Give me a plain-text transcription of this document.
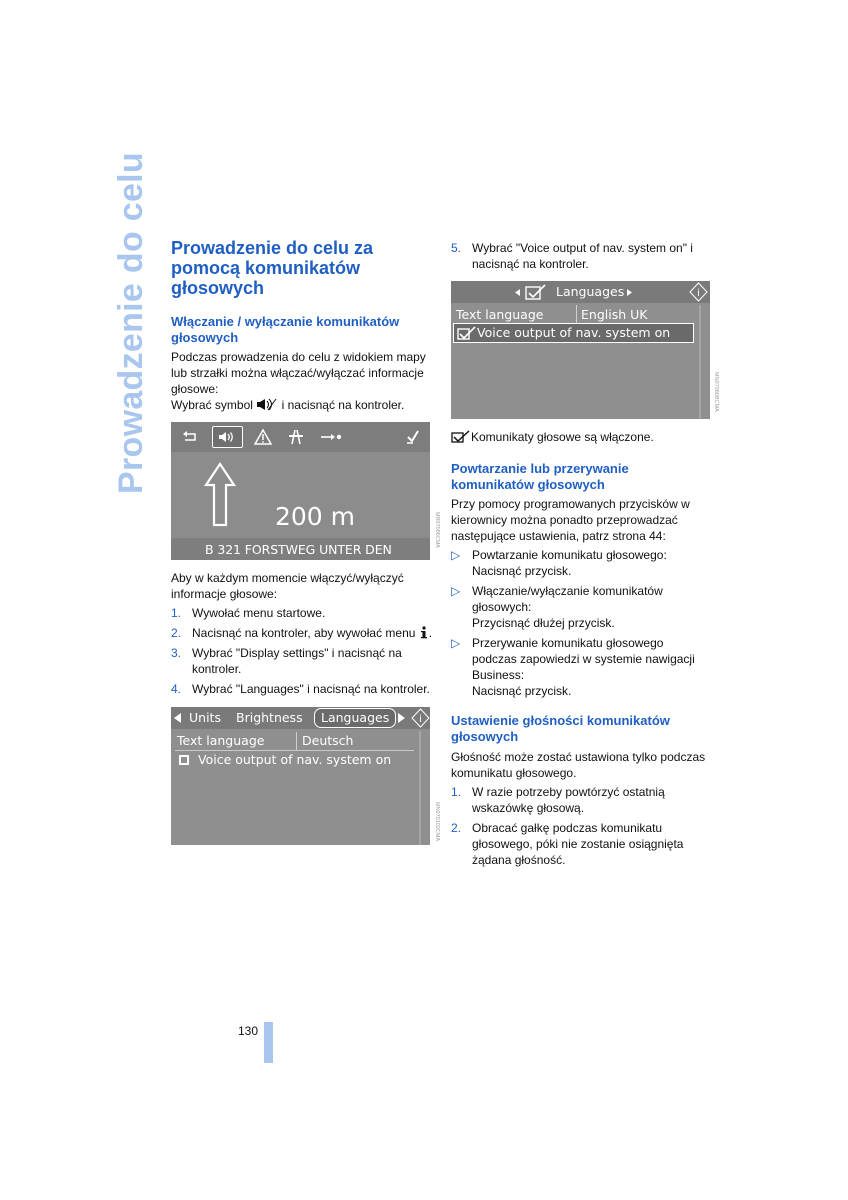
Prowadzenie do celu Prowadzenie do celu za pomocą komunikatów głosowych
Włączanie / wyłączanie komunikatów głosowych
Podczas prowadzenia do celu z widokiem mapy
lub strzałki można włączać/wyłączać informacje
głosowe:
Wybrać symbol i nacisnąć na kontroler.
200 m
B 321 FORSTWEG UNTER DEN LINDEN
MR07086CMA
Aby w każdym momencie włączyć/wyłączyć
informacje głosowe:
1. Wywołać menu startowe.
2. Nacisnąć na kontroler, aby wywołać menu .
3. Wybrać "Display settings" i nacisnąć na kontroler.
4. Wybrać "Languages" i nacisnąć na kontroler.
Units Brightness	Languages	i
Text language	Deutsch
Voice output of nav. system on
MN070102CMA
5. Wybrać "Voice output of nav. system on" i nacisnąć na kontroler.
Languages	i
Text language	English UK
Voice output of nav. system on
MN07080BCMA
Komunikaty głosowe są włączone.
Powtarzanie lub przerywanie komunikatów głosowych
Przy pomocy programowanych przycisków w
kierownicy można ponadto przeprowadzać
następujące ustawienia, patrz strona 44:
▷ Powtarzanie komunikatu głosowego:
Nacisnąć przycisk.
▷ Włączanie/wyłączanie komunikatów
głosowych:
Przycisnąć dłużej przycisk.
▷ Przerywanie komunikatu głosowego
podczas zapowiedzi w systemie nawigacji
Business:
Nacisnąć przycisk.
Ustawienie głośności komunikatów głosowych
Głośność może zostać ustawiona tylko podczas
komunikatu głosowego.
1. W razie potrzeby powtórzyć ostatnią
wskazówkę głosową.
2. Obracać gałkę podczas komunikatu
głosowego, póki nie zostanie osiągnięta
żądana głośność.
130
